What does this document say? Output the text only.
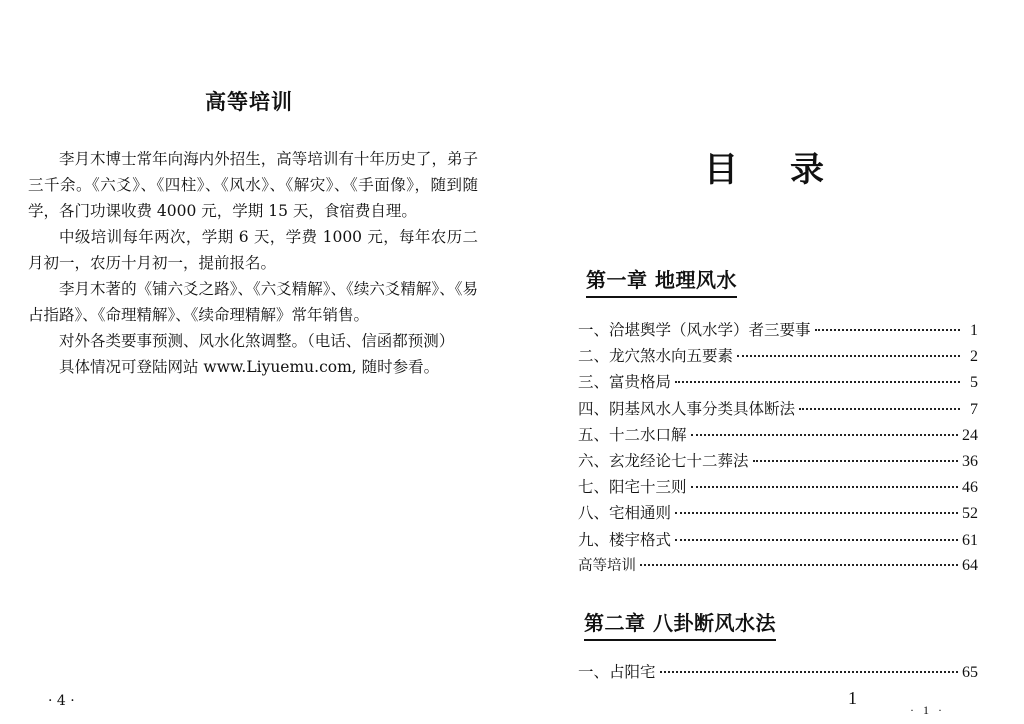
高等培训

李月木博士常年向海内外招生，高等培训有十年历史了，弟子三千余。《六爻》、《四柱》、《风水》、《解灾》、《手面像》，随到随学，各门功课收费 4000 元，学期 15 天，食宿费自理。

中级培训每年两次，学期 6 天，学费 1000 元，每年农历二月初一，农历十月初一，提前报名。

李月木著的《铺六爻之路》、《六爻精解》、《续六爻精解》、《易占指路》、《命理精解》、《续命理精解》常年销售。

对外各类要事预测、风水化煞调整。（电话、信函都预测）

具体情况可登陆网站 www.Liyuemu.com, 随时参看。

· 4 ·
目录
第一章 地理风水
一、洽堪舆学（风水学）者三要事	1
二、龙穴煞水向五要素	2
三、富贵格局	5
四、阴基风水人事分类具体断法	7
五、十二水口解	24
六、玄龙经论七十二葬法	36
七、阳宅十三则	46
八、宅相通则	52
九、楼宇格式	61
高等培训	64
第二章 八卦断风水法
一、占阳宅	65
1
· 1 ·
